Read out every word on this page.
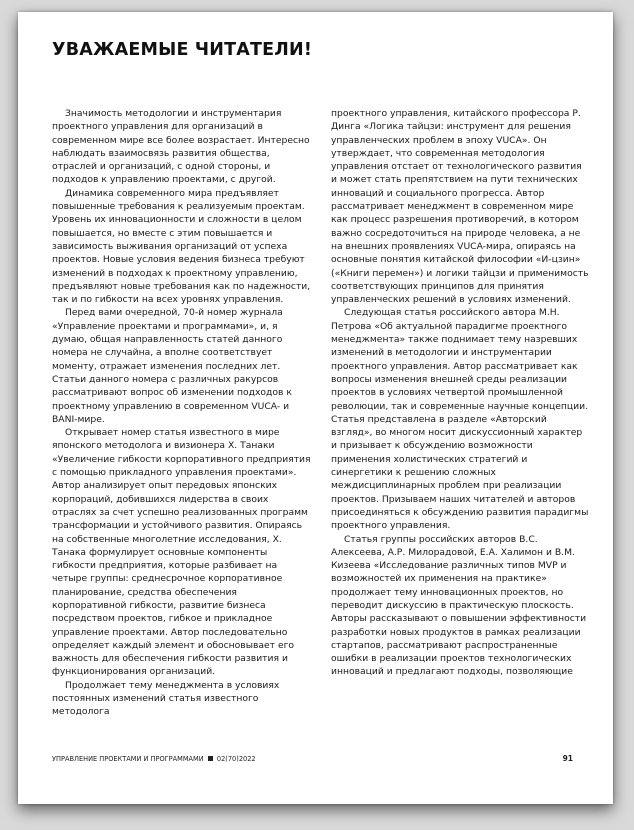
УВАЖАЕМЫЕ ЧИТАТЕЛИ!

Значимость методологии и инструментария проектного управления для организаций в современном мире все более возрастает. Интересно наблюдать взаимосвязь развития общества, отраслей и организаций, с одной стороны, и подходов к управлению проектами, с другой.

Динамика современного мира предъявляет повышенные требования к реализуемым проектам. Уровень их инновационности и сложности в целом повышается, но вместе с этим повышается и зависимость выживания организаций от успеха проектов. Новые условия ведения бизнеса требуют изменений в подходах к проектному управлению, предъявляют новые требования как по надежности, так и по гибкости на всех уровнях управления.

Перед вами очередной, 70-й номер журнала «Управление проектами и программами», и, я думаю, общая направленность статей данного номера не случайна, а вполне соответствует моменту, отражает изменения последних лет. Статьи данного номера с различных ракурсов рассматривают вопрос об изменении подходов к проектному управлению в современном VUCA- и BANI-мире.

Открывает номер статья известного в мире японского методолога и визионера Х. Танаки «Увеличение гибкости корпоративного предприятия с помощью прикладного управления проектами». Автор анализирует опыт передовых японских корпораций, добившихся лидерства в своих отраслях за счет успешно реализованных программ трансформации и устойчивого развития. Опираясь на собственные многолетние исследования, Х. Танака формулирует основные компоненты гибкости предприятия, которые разбивает на четыре группы: среднесрочное корпоративное планирование, средства обеспечения корпоративной гибкости, развитие бизнеса посредством проектов, гибкое и прикладное управление проектами. Автор последовательно определяет каждый элемент и обосновывает его важность для обеспечения гибкости развития и функционирования организаций.

Продолжает тему менеджмента в условиях постоянных изменений статья известного методолога

проектного управления, китайского профессора Р. Динга «Логика тайцзи: инструмент для решения управленческих проблем в эпоху VUCA». Он утверждает, что современная методология управления отстает от технологического развития и может стать препятствием на пути технических инноваций и социального прогресса. Автор рассматривает менеджмент в современном мире как процесс разрешения противоречий, в котором важно сосредоточиться на природе человека, а не на внешних проявлениях VUCA-мира, опираясь на основные понятия китайской философии «И-цзин» («Книги перемен») и логики тайцзи и применимость соответствующих принципов для принятия управленческих решений в условиях изменений.

Следующая статья российского автора М.Н. Петрова «Об актуальной парадигме проектного менеджмента» также поднимает тему назревших изменений в методологии и инструментарии проектного управления. Автор рассматривает как вопросы изменения внешней среды реализации проектов в условиях четвертой промышленной революции, так и современные научные концепции. Статья представлена в разделе «Авторский взгляд», во многом носит дискуссионный характер и призывает к обсуждению возможности применения холистических стратегий и синергетики к решению сложных междисциплинарных проблем при реализации проектов. Призываем наших читателей и авторов присоединяться к обсуждению развития парадигмы проектного управления.

Статья группы российских авторов В.С. Алексеева, А.Р. Милорадовой, Е.А. Халимон и В.М. Кизеева «Исследование различных типов MVP и возможностей их применения на практике» продолжает тему инновационных проектов, но переводит дискуссию в практическую плоскость. Авторы рассказывают о повышении эффективности разработки новых продуктов в рамках реализации стартапов, рассматривают распространенные ошибки в реализации проектов технологических инноваций и предлагают подходы, позволяющие

УПРАВЛЕНИЕ ПРОЕКТАМИ И ПРОГРАММАМИ 02(70)2022	91
